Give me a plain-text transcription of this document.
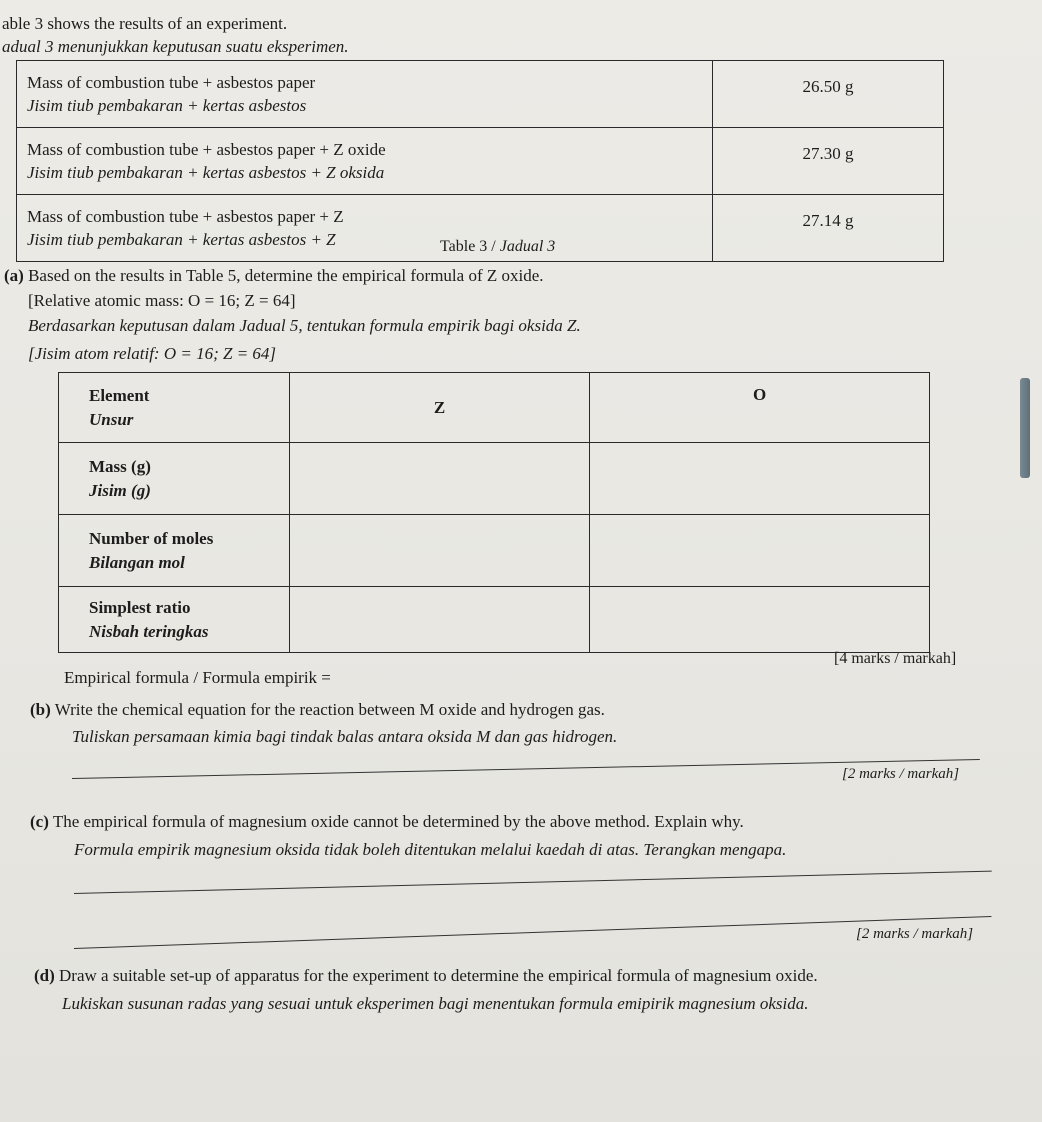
able 3 shows the results of an experiment.
adual 3 menunjukkan keputusan suatu eksperimen.
Mass of combustion tube + asbestos paper
Jisim tiub pembakaran + kertas asbestos	26.50 g

Mass of combustion tube + asbestos paper + Z oxide
Jisim tiub pembakaran + kertas asbestos + Z oksida	27.30 g

Mass of combustion tube + asbestos paper + Z
Jisim tiub pembakaran + kertas asbestos + Z	27.14 g
Table 3 / Jadual 3
(a) Based on the results in Table 5, determine the empirical formula of Z oxide.
[Relative atomic mass: O = 16; Z = 64]
Berdasarkan keputusan dalam Jadual 5, tentukan formula empirik bagi oksida Z.
[Jisim atom relatif: O = 16; Z = 64]
Element
Unsur	Z	O

Mass (g)
Jisim (g)		

Number of moles
Bilangan mol		

Simplest ratio
Nisbah teringkas		

Empirical formula / Formula empirik =
[4 marks / markah]
(b) Write the chemical equation for the reaction between M oxide and hydrogen gas.
Tuliskan persamaan kimia bagi tindak balas antara oksida M dan gas hidrogen.
[2 marks / markah]
(c) The empirical formula of magnesium oxide cannot be determined by the above method. Explain why.
Formula empirik magnesium oksida tidak boleh ditentukan melalui kaedah di atas. Terangkan mengapa.
[2 marks / markah]
(d) Draw a suitable set-up of apparatus for the experiment to determine the empirical formula of magnesium oxide.
Lukiskan susunan radas yang sesuai untuk eksperimen bagi menentukan formula emipirik magnesium oksida.
